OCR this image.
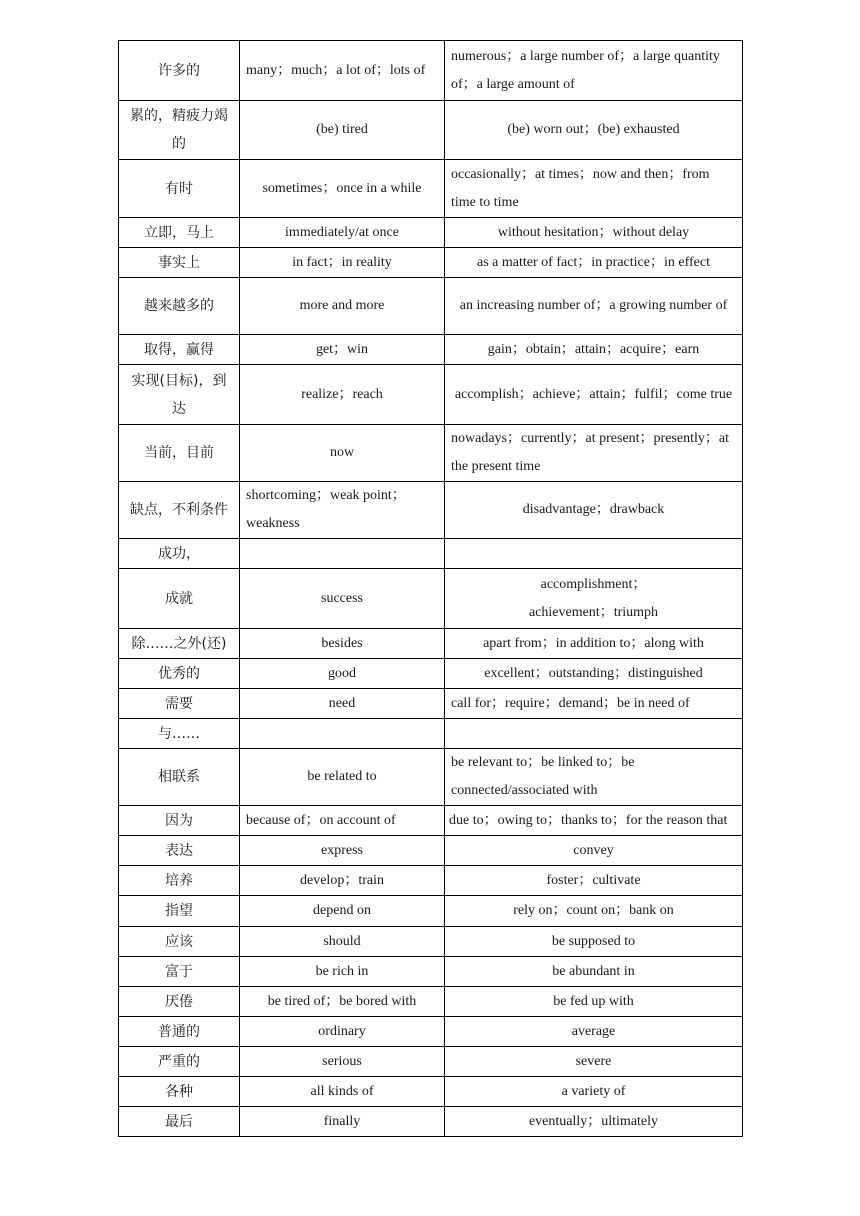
许多的	many；much；a lot of；lots of	numerous；a large number of；a large quantity of；a large amount of
累的，精疲力竭的	(be) tired	(be) worn out；(be) exhausted
有时	sometimes；once in a while	occasionally；at times；now and then；from time to time
立即，马上	immediately/at once	without hesitation；without delay
事实上	in fact；in reality	as a matter of fact；in practice；in effect
越来越多的	more and more	an increasing number of；a growing number of
取得，赢得	get；win	gain；obtain；attain；acquire；earn
实现(目标)，到达	realize；reach	accomplish；achieve；attain；fulfil；come true
当前，目前	now	nowadays；currently；at present；presently；at the present time
缺点，不利条件	shortcoming；weak point；weakness	disadvantage；drawback
成功，		
成就	success	accomplishment；achievement；triumph
除……之外(还)	besides	apart from；in addition to；along with
优秀的	good	excellent；outstanding；distinguished
需要	need	call for；require；demand；be in need of
与……		
相联系	be related to	be relevant to；be linked to；be connected/associated with
因为	because of；on account of	due to；owing to；thanks to；for the reason that
表达	express	convey
培养	develop；train	foster；cultivate
指望	depend on	rely on；count on；bank on
应该	should	be supposed to
富于	be rich in	be abundant in
厌倦	be tired of；be bored with	be fed up with
普通的	ordinary	average
严重的	serious	severe
各种	all kinds of	a variety of
最后	finally	eventually；ultimately
